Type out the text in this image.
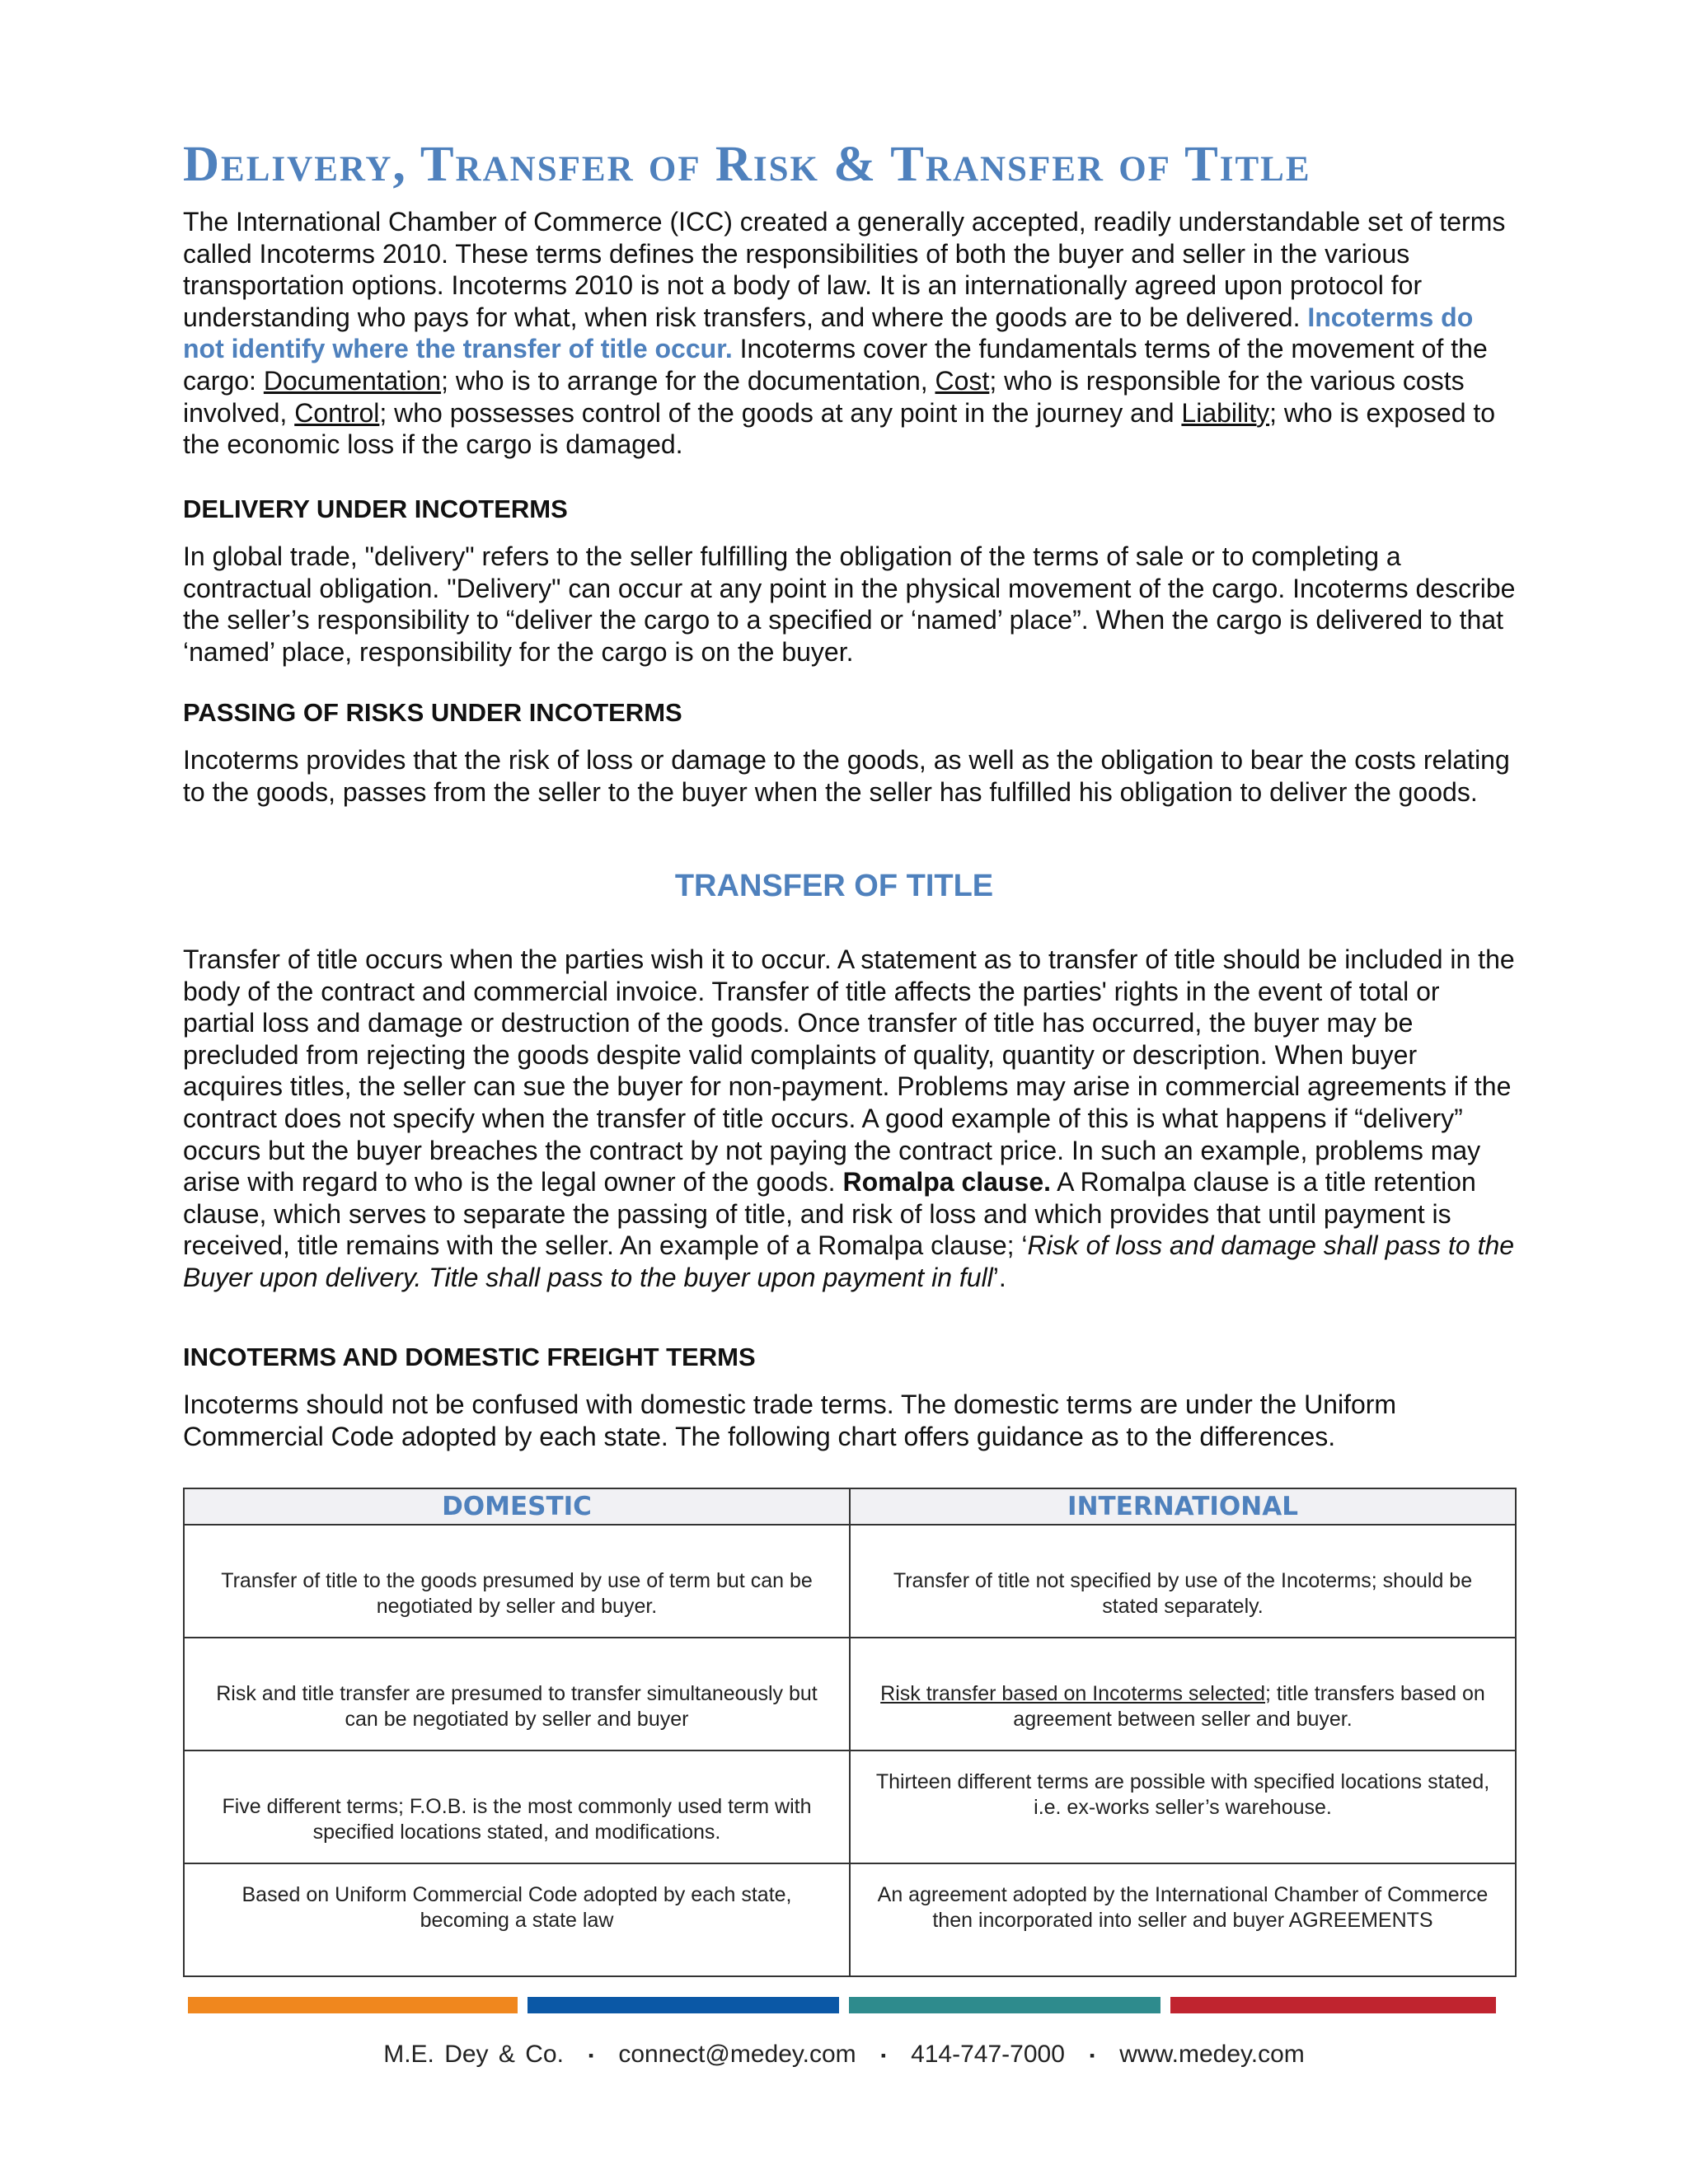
Delivery, Transfer of Risk & Transfer of Title

The International Chamber of Commerce (ICC) created a generally accepted, readily understandable set of terms called Incoterms 2010. These terms defines the responsibilities of both the buyer and seller in the various transportation options. Incoterms 2010 is not a body of law. It is an internationally agreed upon protocol for understanding who pays for what, when risk transfers, and where the goods are to be delivered. Incoterms do not identify where the transfer of title occur. Incoterms cover the fundamentals terms of the movement of the cargo: Documentation; who is to arrange for the documentation, Cost; who is responsible for the various costs involved, Control; who possesses control of the goods at any point in the journey and Liability; who is exposed to the economic loss if the cargo is damaged.

DELIVERY UNDER INCOTERMS

In global trade, "delivery" refers to the seller fulfilling the obligation of the terms of sale or to completing a contractual obligation. "Delivery" can occur at any point in the physical movement of the cargo. Incoterms describe the seller’s responsibility to “deliver the cargo to a specified or ‘named’ place”. When the cargo is delivered to that ‘named’ place, responsibility for the cargo is on the buyer.

PASSING OF RISKS UNDER INCOTERMS

Incoterms provides that the risk of loss or damage to the goods, as well as the obligation to bear the costs relating to the goods, passes from the seller to the buyer when the seller has fulfilled his obligation to deliver the goods.

TRANSFER OF TITLE

Transfer of title occurs when the parties wish it to occur. A statement as to transfer of title should be included in the body of the contract and commercial invoice. Transfer of title affects the parties' rights in the event of total or partial loss and damage or destruction of the goods. Once transfer of title has occurred, the buyer may be precluded from rejecting the goods despite valid complaints of quality, quantity or description. When buyer acquires titles, the seller can sue the buyer for non-payment. Problems may arise in commercial agreements if the contract does not specify when the transfer of title occurs. A good example of this is what happens if “delivery” occurs but the buyer breaches the contract by not paying the contract price. In such an example, problems may arise with regard to who is the legal owner of the goods. Romalpa clause. A Romalpa clause is a title retention clause, which serves to separate the passing of title, and risk of loss and which provides that until payment is received, title remains with the seller. An example of a Romalpa clause; ‘Risk of loss and damage shall pass to the Buyer upon delivery. Title shall pass to the buyer upon payment in full’.

INCOTERMS AND DOMESTIC FREIGHT TERMS

Incoterms should not be confused with domestic trade terms. The domestic terms are under the Uniform Commercial Code adopted by each state. The following chart offers guidance as to the differences.

DOMESTIC	INTERNATIONAL
Transfer of title to the goods presumed by use of term but can be negotiated by seller and buyer.	Transfer of title not specified by use of the Incoterms; should be stated separately.
Risk and title transfer are presumed to transfer simultaneously but can be negotiated by seller and buyer	Risk transfer based on Incoterms selected; title transfers based on agreement between seller and buyer.
Five different terms; F.O.B. is the most commonly used term with specified locations stated, and modifications.	Thirteen different terms are possible with specified locations stated, i.e. ex-works seller’s warehouse.
Based on Uniform Commercial Code adopted by each state, becoming a state law	An agreement adopted by the International Chamber of Commerce then incorporated into seller and buyer AGREEMENTS
M.E. Dey & Co. ▪ connect@medey.com ▪ 414-747-7000 ▪ www.medey.com
